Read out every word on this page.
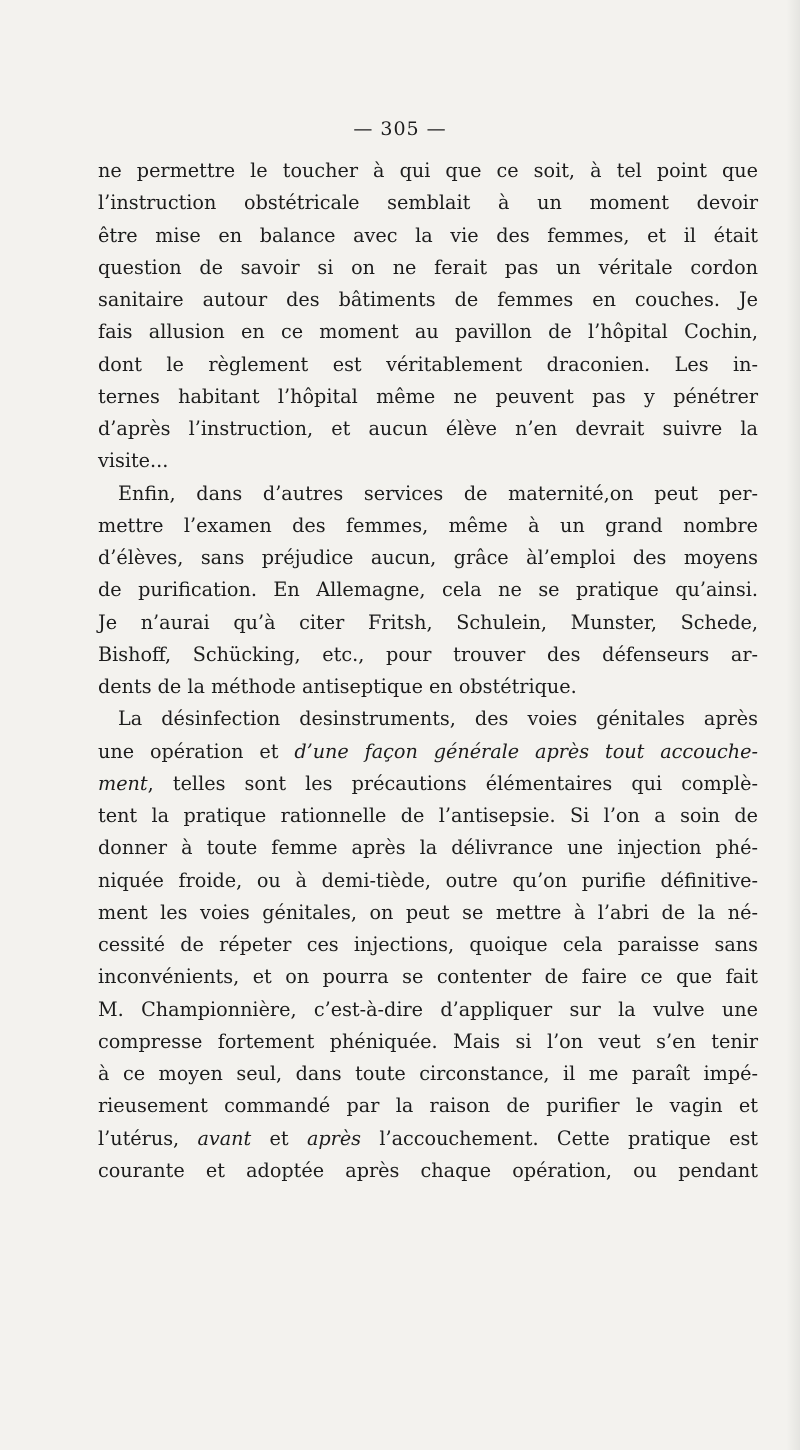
— 305 —
ne permettre le toucher à qui que ce soit, à tel point que
l’instruction obstétricale semblait à un moment devoir
être mise en balance avec la vie des femmes, et il était
question de savoir si on ne ferait pas un véritale cordon
sanitaire autour des bâtiments de femmes en couches. Je
fais allusion en ce moment au pavillon de l’hôpital Cochin,
dont le règlement est véritablement draconien. Les in-
ternes habitant l’hôpital même ne peuvent pas y pénétrer
d’après l’instruction, et aucun élève n’en devrait suivre la
visite...
Enfin, dans d’autres services de maternité,on peut per-
mettre l’examen des femmes, même à un grand nombre
d’élèves, sans préjudice aucun, grâce àl’emploi des moyens
de purification. En Allemagne, cela ne se pratique qu’ainsi.
Je n’aurai qu’à citer Fritsh, Schulein, Munster, Schede,
Bishoff, Schücking, etc., pour trouver des défenseurs ar-
dents de la méthode antiseptique en obstétrique.
La désinfection desinstruments, des voies génitales après
une opération et d’une façon générale après tout accouche-
ment, telles sont les précautions élémentaires qui complè-
tent la pratique rationnelle de l’antisepsie. Si l’on a soin de
donner à toute femme après la délivrance une injection phé-
niquée froide, ou à demi-tiède, outre qu’on purifie définitive-
ment les voies génitales, on peut se mettre à l’abri de la né-
cessité de répeter ces injections, quoique cela paraisse sans
inconvénients, et on pourra se contenter de faire ce que fait
M. Championnière, c’est-à-dire d’appliquer sur la vulve une
compresse fortement phéniquée. Mais si l’on veut s’en tenir
à ce moyen seul, dans toute circonstance, il me paraît impé-
rieusement commandé par la raison de purifier le vagin et
l’utérus, avant et après l’accouchement. Cette pratique est
courante et adoptée après chaque opération, ou pendant
